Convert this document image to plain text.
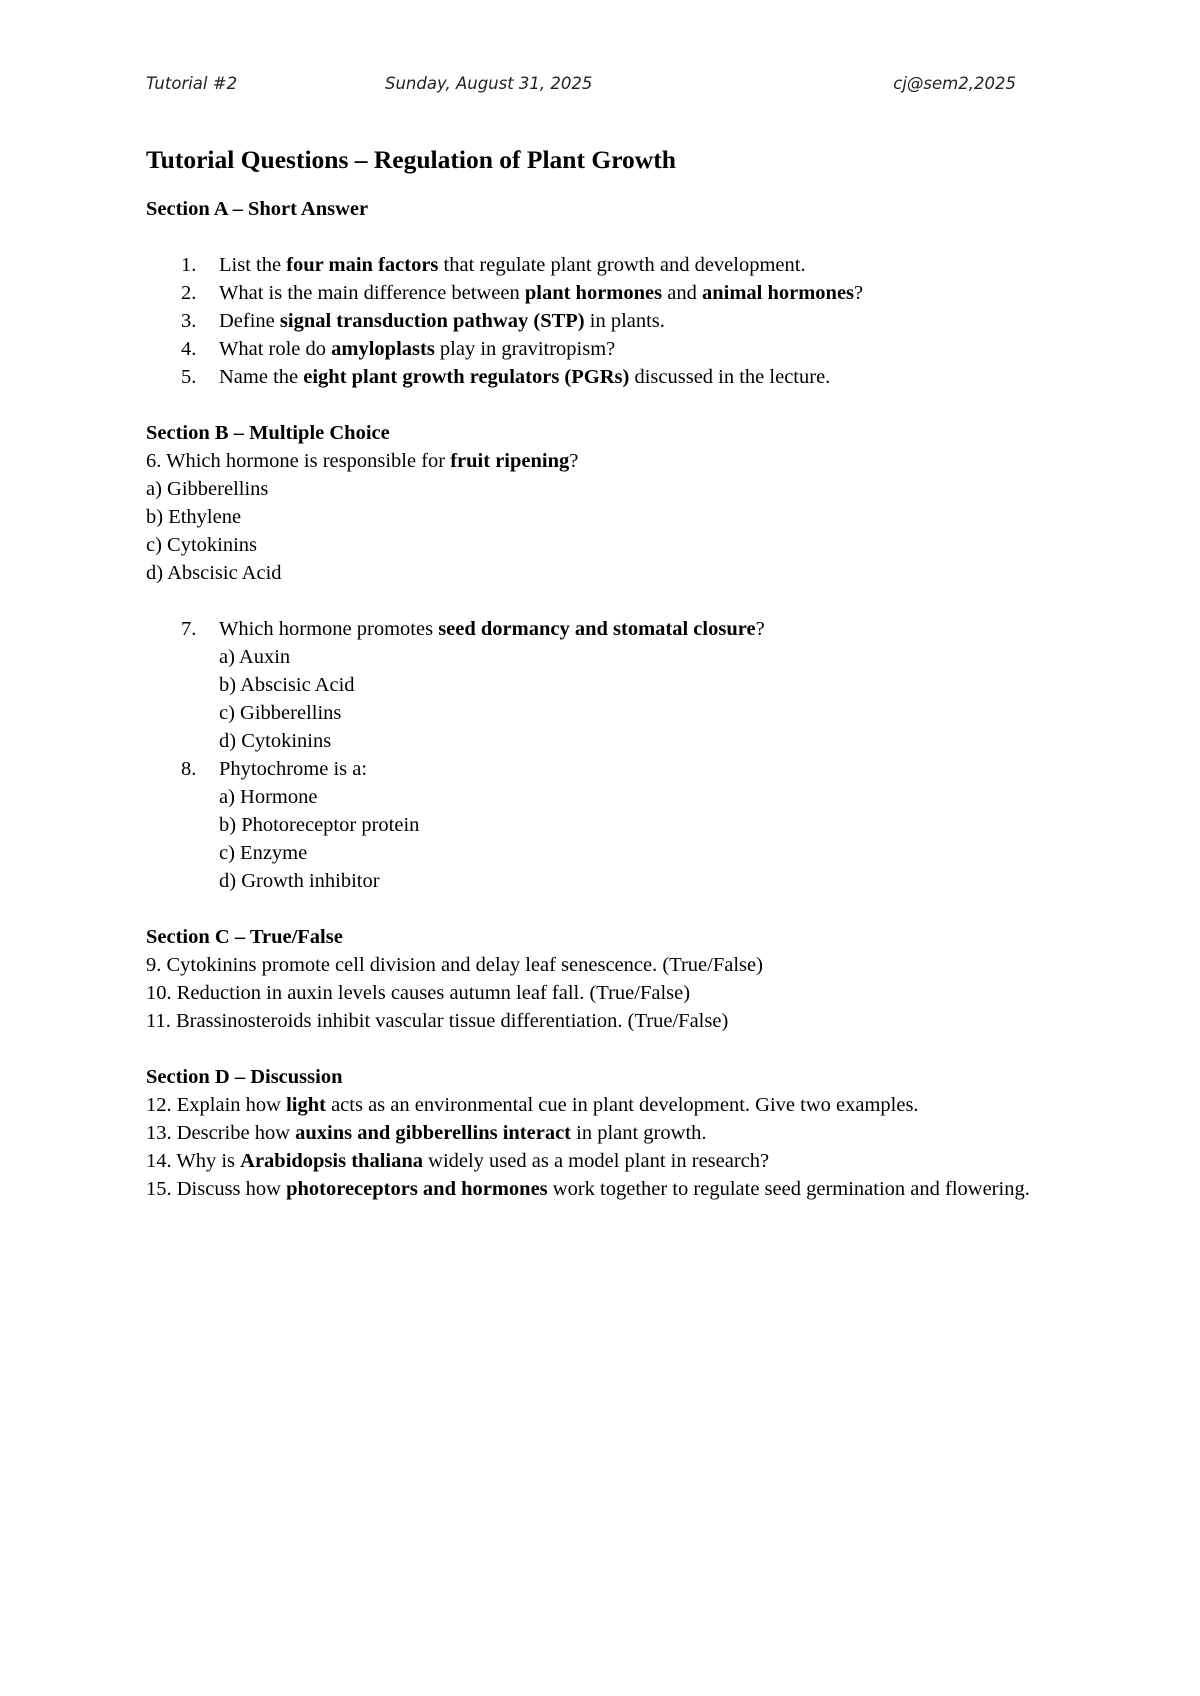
Tutorial #2	Sunday, August 31, 2025	cj@sem2,2025
Tutorial Questions – Regulation of Plant Growth
Section A – Short Answer
1. List the four main factors that regulate plant growth and development.
2. What is the main difference between plant hormones and animal hormones?
3. Define signal transduction pathway (STP) in plants.
4. What role do amyloplasts play in gravitropism?
5. Name the eight plant growth regulators (PGRs) discussed in the lecture.
Section B – Multiple Choice
6. Which hormone is responsible for fruit ripening?
a) Gibberellins
b) Ethylene
c) Cytokinins
d) Abscisic Acid
7. Which hormone promotes seed dormancy and stomatal closure?
a) Auxin
b) Abscisic Acid
c) Gibberellins
d) Cytokinins
8. Phytochrome is a:
a) Hormone
b) Photoreceptor protein
c) Enzyme
d) Growth inhibitor
Section C – True/False
9. Cytokinins promote cell division and delay leaf senescence. (True/False)
10. Reduction in auxin levels causes autumn leaf fall. (True/False)
11. Brassinosteroids inhibit vascular tissue differentiation. (True/False)
Section D – Discussion
12. Explain how light acts as an environmental cue in plant development. Give two examples.
13. Describe how auxins and gibberellins interact in plant growth.
14. Why is Arabidopsis thaliana widely used as a model plant in research?
15. Discuss how photoreceptors and hormones work together to regulate seed germination and flowering.
